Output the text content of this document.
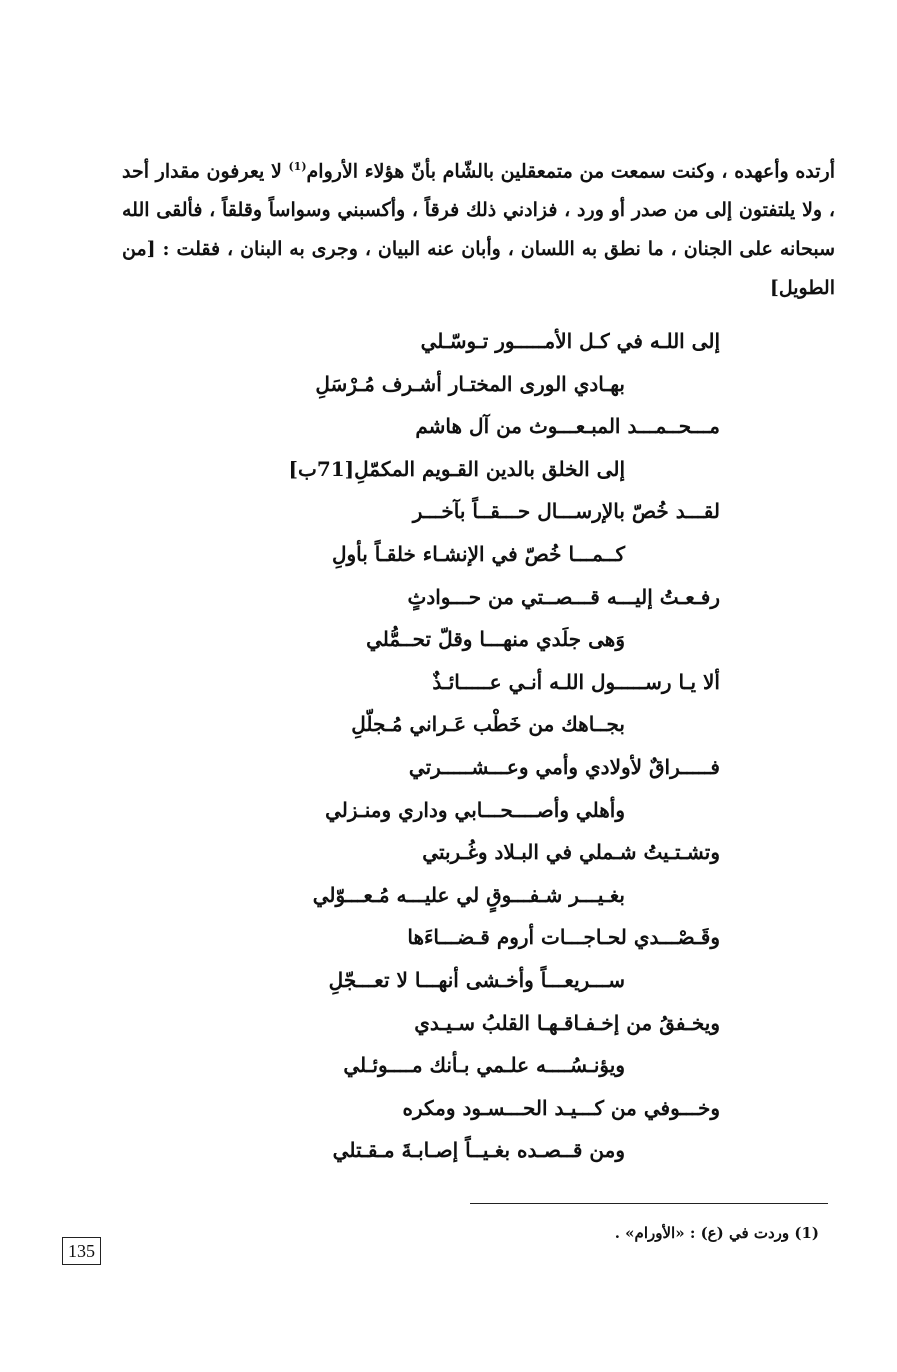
أرتده وأعهده ، وكنت سمعت من متمعقلين بالشّام بأنّ هؤلاء الأروام$^{(1)}$ لا يعرفون مقدار أحد ، ولا يلتفتون إلى من صدر أو ورد ، فزادني ذلك فرقاً ، وأكسبني وسواساً وقلقاً ، فألقى الله سبحانه على الجنان ، ما نطق به اللسان ، وأبان عنه البيان ، وجرى به البنان ، فقلت : [من الطويل]

إلى اللـه في كـل الأمـــــور تـوسّـلي
بهـادي الورى المختـار أشـرف مُـرْسَلِ
مـــحــمـــد المبـعـــوث من آل هاشم
إلى الخلق بالدين القـويم المكمّلِ[71ب]
لقـــد خُصّ بالإرســـال حـــقــاً بآخـــر
كــمـــا خُصّ في الإنشـاء خلقـاً بأولِ
رفـعـتُ إليـــه قـــصــتي من حـــوادثٍ
وَهى جلَدي منهـــا وقلّ تحــمُّلي
ألا يـا رســـــول اللـه أنـي عـــــائـذٌ
بجــاهك من خَطْب عَـراني مُـجلّلِ
فـــــراقٌ لأولادي وأمي وعـــشـــــرتي
وأهلي وأصــــحـــابي وداري ومنـزلي
وتشـتـيتُ شـملي في البـلاد وغُـربتي
بغـيـــر شـفـــوقٍ لي عليـــه مُـعـــوّلي
وقَـصْـــدي لحـاجـــات أروم قـضـــاءَها
ســـريعـــاً وأخـشى أنهـــا لا تعـــجّلِ
ويخـفقُ من إخـفـاقـهـا القلبُ سـيـدي
ويؤنـسُــــه علـمي بـأنك مــــوئـلي
وخـــوفي من كـــيـد الحـــسـود ومكره
ومن قــصـده بغـيــاً إصـابـةَ مـقـتلي
(1) وردت في (ع) : «الأورام» .
135
